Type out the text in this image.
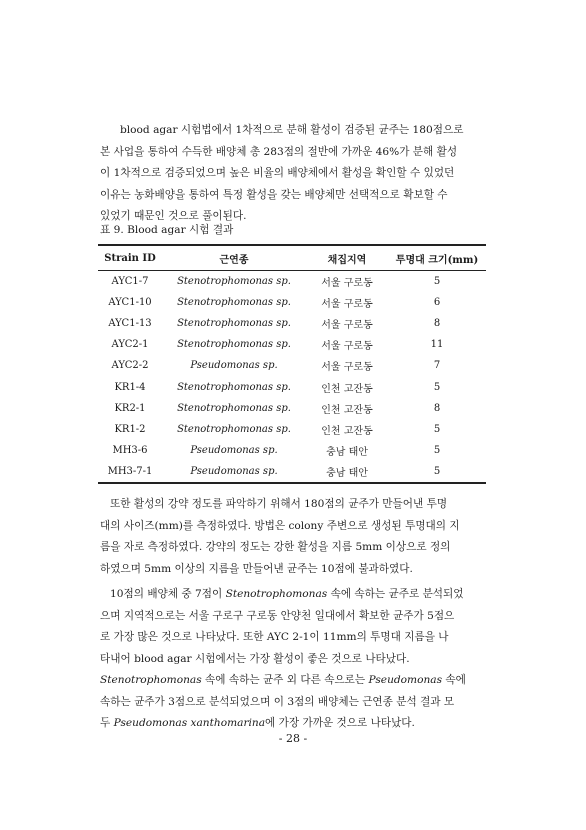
blood agar 시험법에서 1차적으로 분해 활성이 검증된 균주는 180점으로
본 사업을 통하여 수득한 배양체 총 283점의 절반에 가까운 46%가 분해 활성
이 1차적으로 검증되었으며 높은 비율의 배양체에서 활성을 확인할 수 있었던
이유는 농화배양을 통하여 특정 활성을 갖는 배양체만 선택적으로 확보할 수
있었기 때문인 것으로 풀이된다.

표 9. Blood agar 시험 결과

Strain ID	근연종	채집지역	투명대 크기(mm)
AYC1-7	Stenotrophomonas sp.	서울 구로동	5
AYC1-10	Stenotrophomonas sp.	서울 구로동	6
AYC1-13	Stenotrophomonas sp.	서울 구로동	8
AYC2-1	Stenotrophomonas sp.	서울 구로동	11
AYC2-2	Pseudomonas sp.	서울 구로동	7
KR1-4	Stenotrophomonas sp.	인천 고잔동	5
KR2-1	Stenotrophomonas sp.	인천 고잔동	8
KR1-2	Stenotrophomonas sp.	인천 고잔동	5
MH3-6	Pseudomonas sp.	충남 태안	5
MH3-7-1	Pseudomonas sp.	충남 태안	5

또한 활성의 강약 정도를 파악하기 위해서 180점의 균주가 만들어낸 투명
대의 사이즈(mm)를 측정하였다. 방법은 colony 주변으로 생성된 투명대의 지
름을 자로 측정하였다. 강약의 정도는 강한 활성을 지름 5mm 이상으로 정의
하였으며 5mm 이상의 지름을 만들어낸 균주는 10점에 불과하였다.

10점의 배양체 중 7점이 Stenotrophomonas 속에 속하는 균주로 분석되었
으며 지역적으로는 서울 구로구 구로동 안양천 일대에서 확보한 균주가 5점으
로 가장 많은 것으로 나타났다. 또한 AYC 2-1이 11mm의 투명대 지름을 나
타내어 blood agar 시험에서는 가장 활성이 좋은 것으로 나타났다.
Stenotrophomonas 속에 속하는 균주 외 다른 속으로는 Pseudomonas 속에
속하는 균주가 3점으로 분석되었으며 이 3점의 배양체는 근연종 분석 결과 모
두 Pseudomonas xanthomarina에 가장 가까운 것으로 나타났다.

- 28 -
